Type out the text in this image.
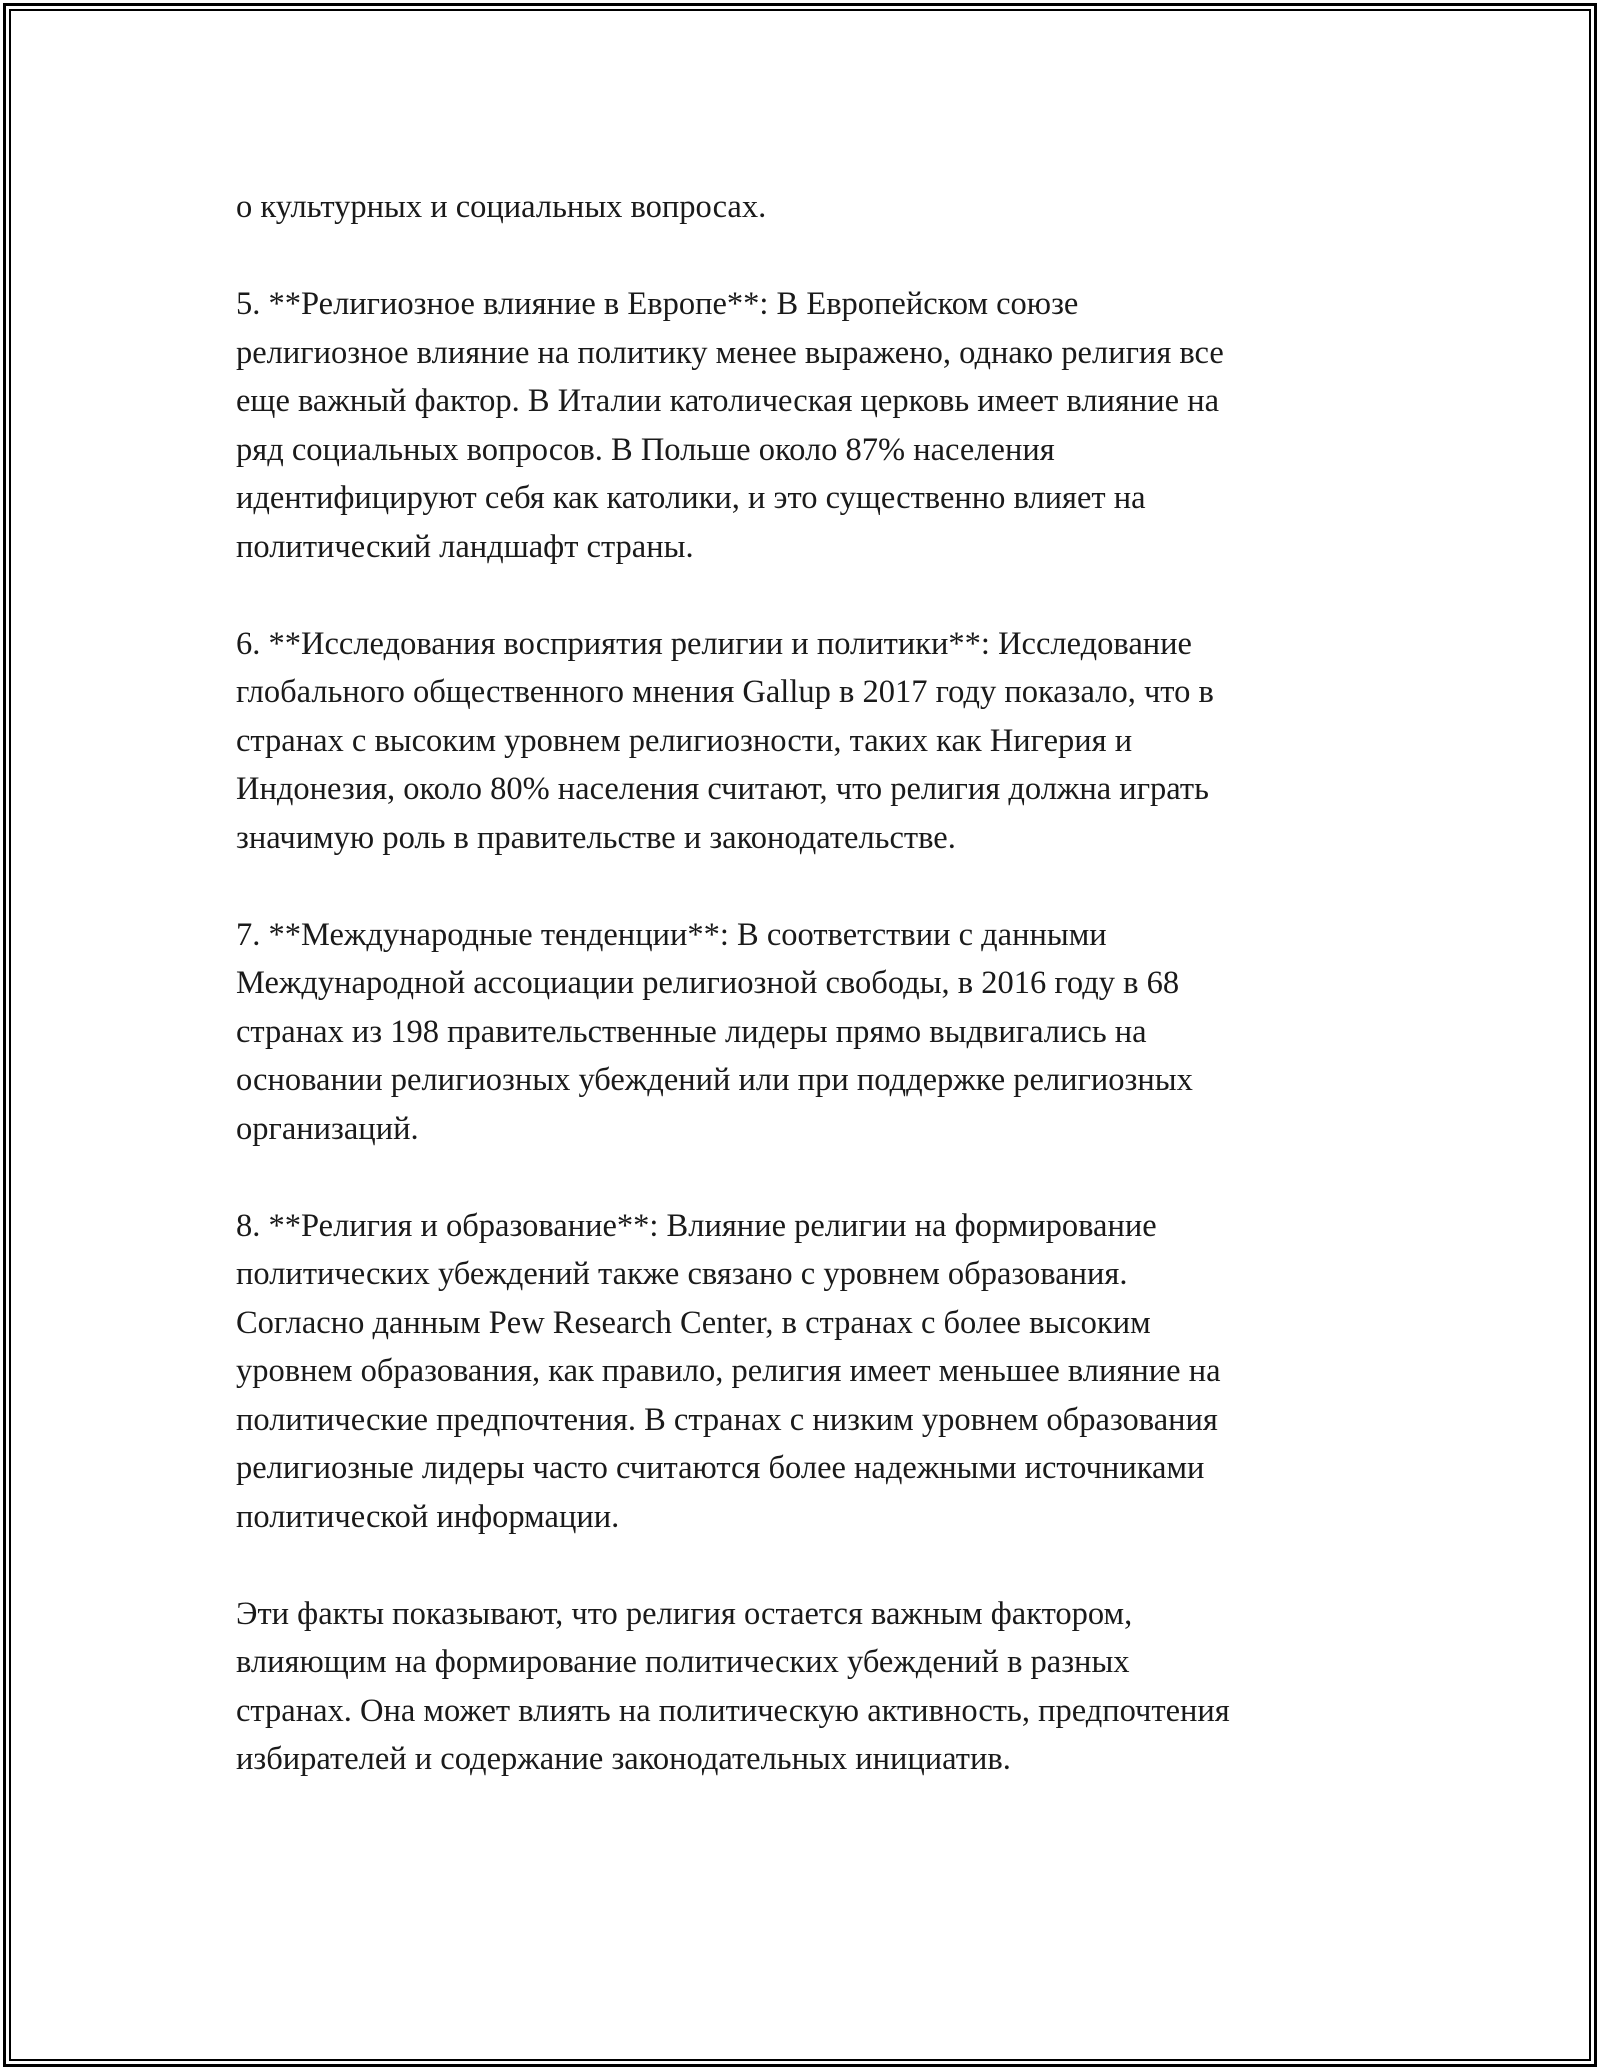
о культурных и социальных вопросах.
5. **Религиозное влияние в Европе**: В Европейском союзе
религиозное влияние на политику менее выражено, однако религия все
еще важный фактор. В Италии католическая церковь имеет влияние на
ряд социальных вопросов. В Польше около 87% населения
идентифицируют себя как католики, и это существенно влияет на
политический ландшафт страны.
6. **Исследования восприятия религии и политики**: Исследование
глобального общественного мнения Gallup в 2017 году показало, что в
странах с высоким уровнем религиозности, таких как Нигерия и
Индонезия, около 80% населения считают, что религия должна играть
значимую роль в правительстве и законодательстве.
7. **Международные тенденции**: В соответствии с данными
Международной ассоциации религиозной свободы, в 2016 году в 68
странах из 198 правительственные лидеры прямо выдвигались на
основании религиозных убеждений или при поддержке религиозных
организаций.
8. **Религия и образование**: Влияние религии на формирование
политических убеждений также связано с уровнем образования.
Согласно данным Pew Research Center, в странах с более высоким
уровнем образования, как правило, религия имеет меньшее влияние на
политические предпочтения. В странах с низким уровнем образования
религиозные лидеры часто считаются более надежными источниками
политической информации.
Эти факты показывают, что религия остается важным фактором,
влияющим на формирование политических убеждений в разных
странах. Она может влиять на политическую активность, предпочтения
избирателей и содержание законодательных инициатив.
